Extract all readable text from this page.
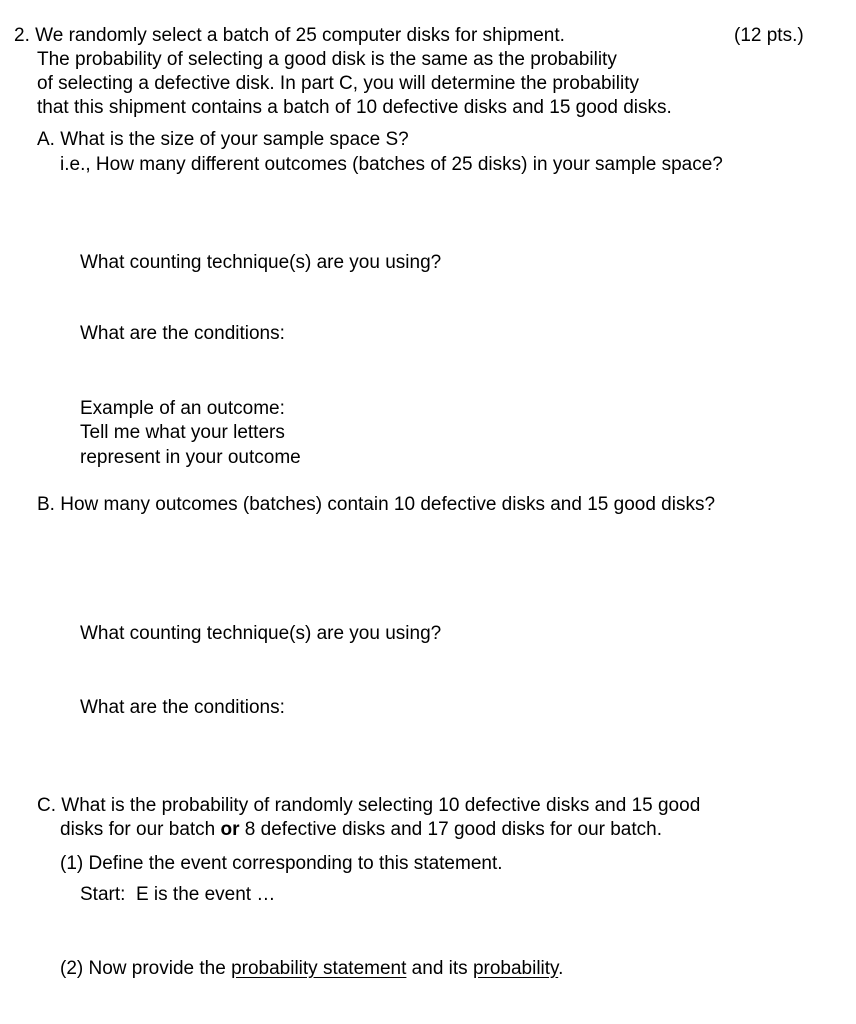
2. We randomly select a batch of 25 computer disks for shipment.	(12 pts.)
The probability of selecting a good disk is the same as the probability
of selecting a defective disk. In part C, you will determine the probability
that this shipment contains a batch of 10 defective disks and 15 good disks.
A. What is the size of your sample space S?
i.e., How many different outcomes (batches of 25 disks) in your sample space?
What counting technique(s) are you using?
What are the conditions:
Example of an outcome:
Tell me what your letters
represent in your outcome
B. How many outcomes (batches) contain 10 defective disks and 15 good disks?
What counting technique(s) are you using?
What are the conditions:
C. What is the probability of randomly selecting 10 defective disks and 15 good
disks for our batch or 8 defective disks and 17 good disks for our batch.
(1) Define the event corresponding to this statement.
Start:  E is the event …
(2) Now provide the probability statement and its probability.
